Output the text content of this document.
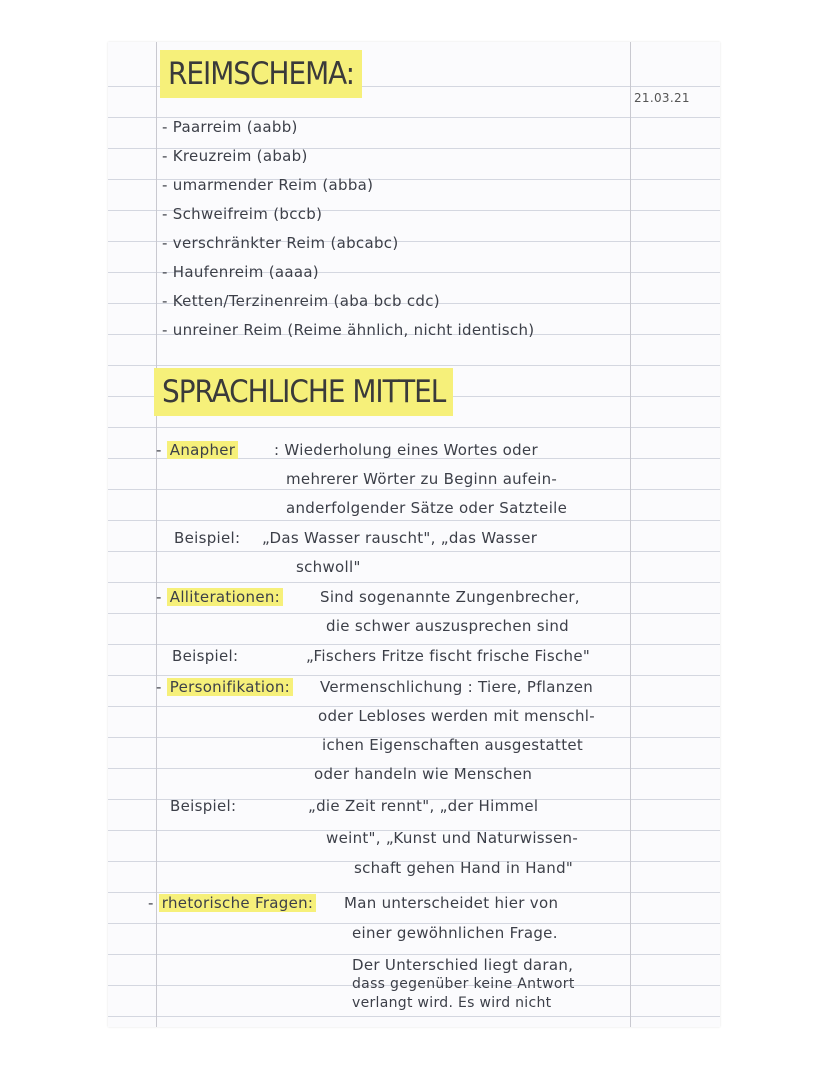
21.03.21
REIMSCHEMA:
- Paarreim (aabb)
- Kreuzreim (abab)
- umarmender Reim (abba)
- Schweifreim (bccb)
- verschränkter Reim (abcabc)
- Haufenreim (aaaa)
- Ketten/Terzinenreim (aba bcb cdc)
- unreiner Reim (Reime ähnlich, nicht identisch)
SPRACHLICHE MITTEL
- Anapher	: Wiederholung eines Wortes oder
mehrerer Wörter zu Beginn aufein-
anderfolgender Sätze oder Satzteile
Beispiel: „Das Wasser rauscht", „das Wasser
schwoll"
- Alliterationen:	Sind sogenannte Zungenbrecher,
die schwer auszusprechen sind
Beispiel:	„Fischers Fritze fischt frische Fische"
- Personifikation: Vermenschlichung : Tiere, Pflanzen
oder Lebloses werden mit menschl-
ichen Eigenschaften ausgestattet
oder handeln wie Menschen
Beispiel:	„die Zeit rennt", „der Himmel
weint", „Kunst und Naturwissen-
schaft gehen Hand in Hand"
- rhetorische Fragen: Man unterscheidet hier von
einer gewöhnlichen Frage.
Der Unterschied liegt daran,
dass gegenüber keine Antwort
verlangt wird. Es wird nicht
